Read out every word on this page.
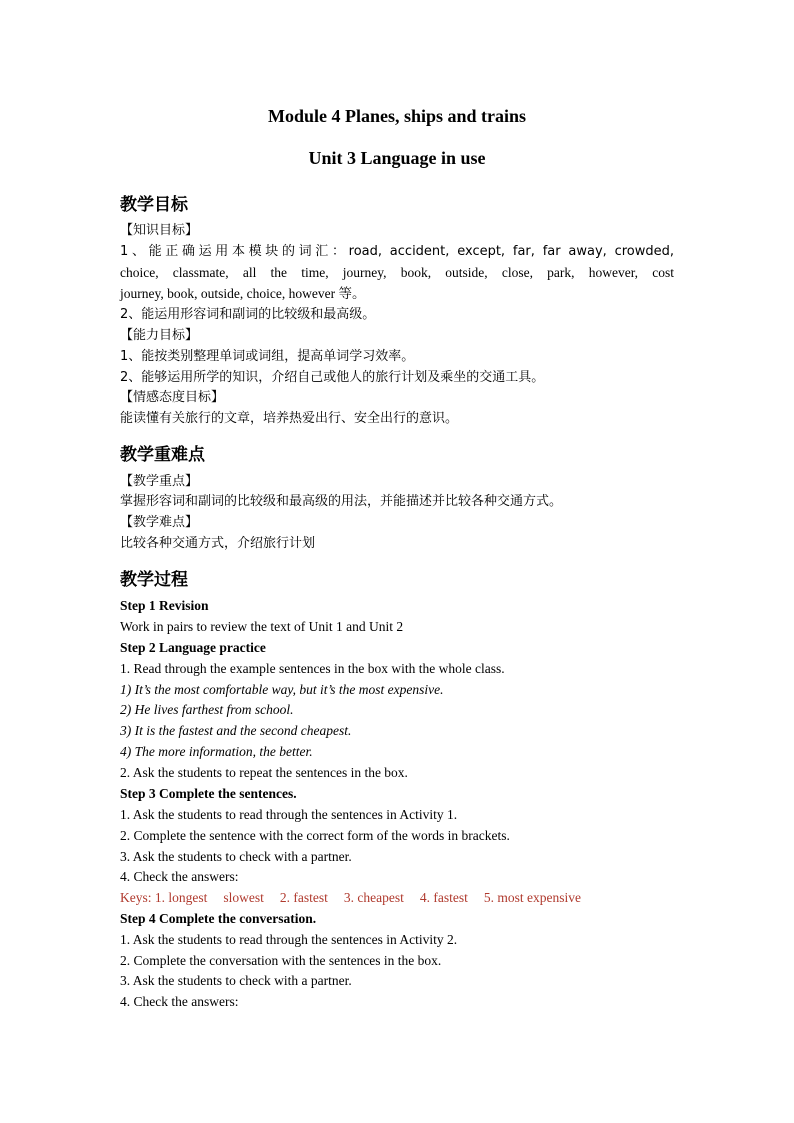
Module 4 Planes, ships and trains
Unit 3 Language in use
教学目标
【知识目标】
1、能正确运用本模块的词汇：road, accident, except, far, far away, crowded,
choice, classmate, all the time, journey, book, outside, close, park, however, cost
journey, book, outside, choice, however 等。
2、能运用形容词和副词的比较级和最高级。
【能力目标】
1、能按类别整理单词或词组，提高单词学习效率。
2、能够运用所学的知识，介绍自己或他人的旅行计划及乘坐的交通工具。
【情感态度目标】
能读懂有关旅行的文章，培养热爱出行、安全出行的意识。
教学重难点
【教学重点】
掌握形容词和副词的比较级和最高级的用法，并能描述并比较各种交通方式。
【教学难点】
比较各种交通方式，介绍旅行计划
教学过程
Step 1 Revision
Work in pairs to review the text of Unit 1 and Unit 2
Step 2 Language practice
1. Read through the example sentences in the box with the whole class.
1) It’s the most comfortable way, but it’s the most expensive.
2) He lives farthest from school.
3) It is the fastest and the second cheapest.
4) The more information, the better.
2. Ask the students to repeat the sentences in the box.
Step 3 Complete the sentences.
1. Ask the students to read through the sentences in Activity 1.
2. Complete the sentence with the correct form of the words in brackets.
3. Ask the students to check with a partner.
4. Check the answers:
Keys: 1. longest slowest 2. fastest 3. cheapest 4. fastest 5. most expensive
Step 4 Complete the conversation.
1. Ask the students to read through the sentences in Activity 2.
2. Complete the conversation with the sentences in the box.
3. Ask the students to check with a partner.
4. Check the answers:
